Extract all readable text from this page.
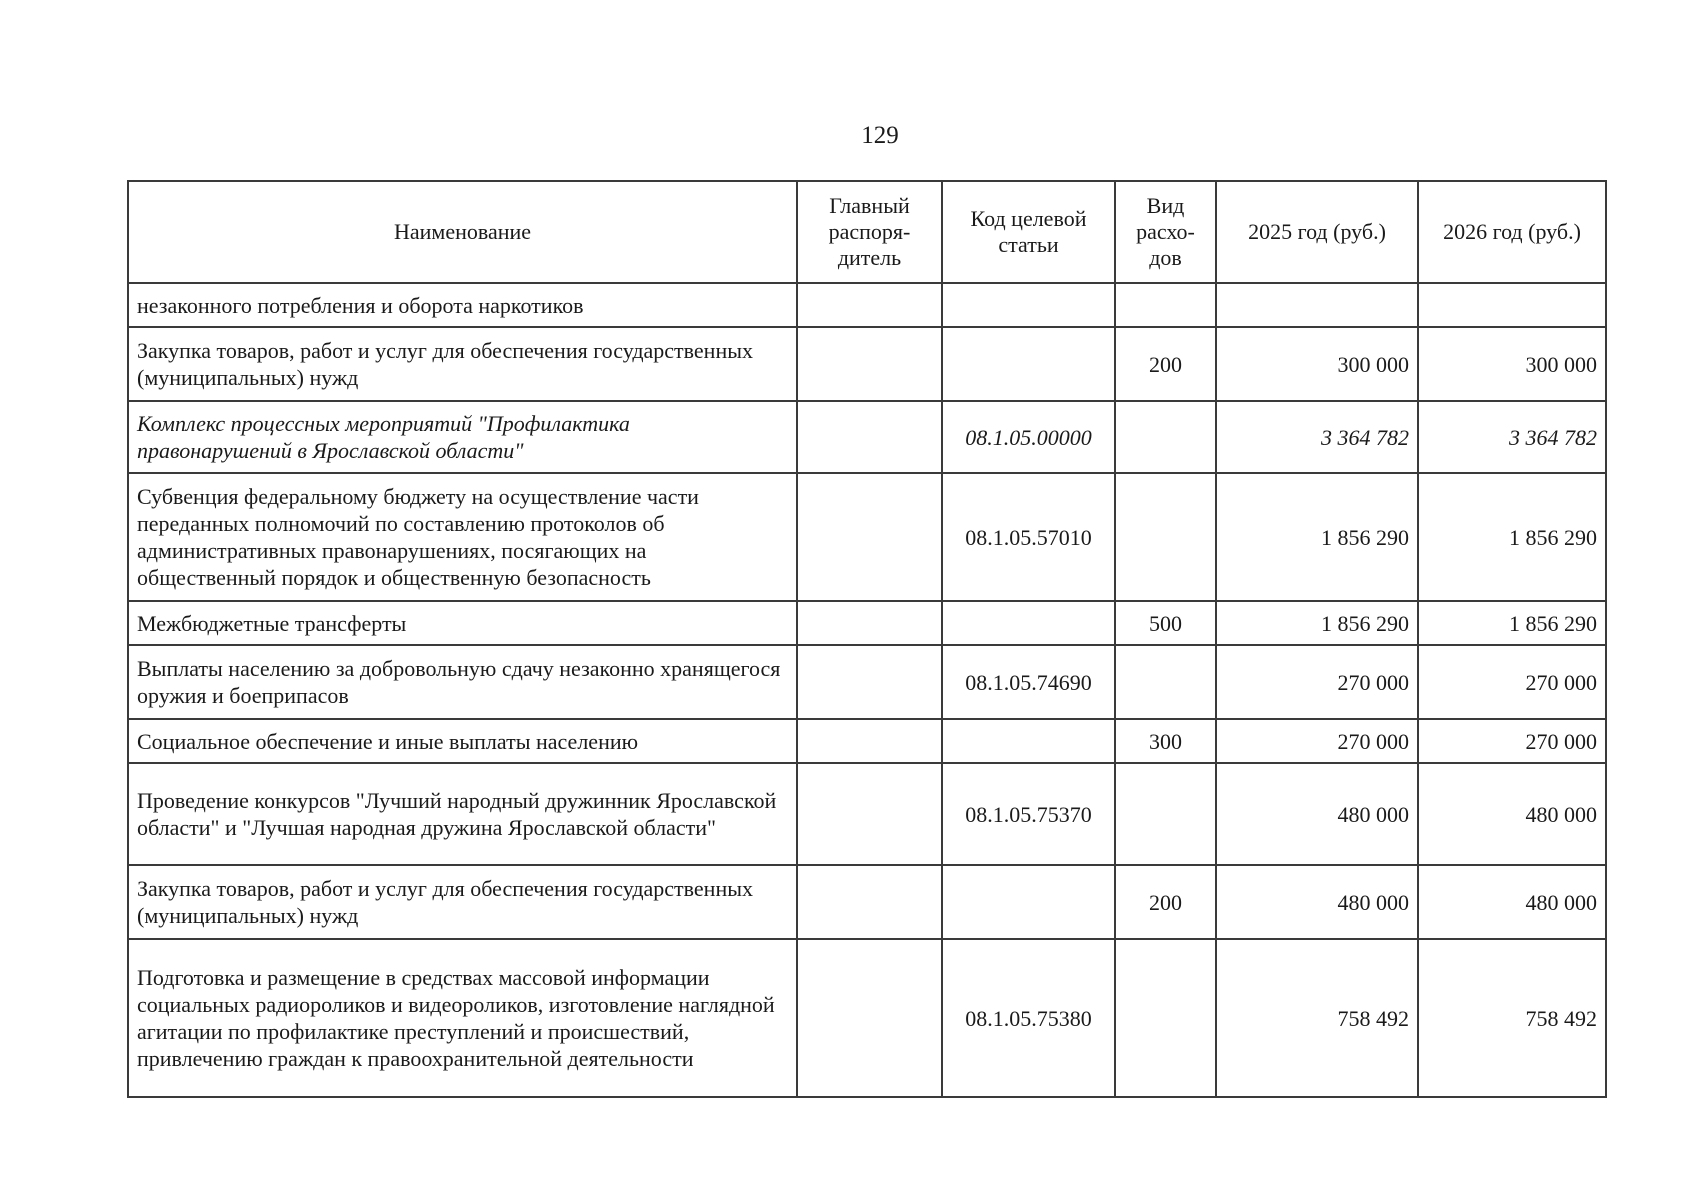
129
Наименование	Главный распоря-дитель	Код целевой статьи	Вид расхо-дов	2025 год (руб.)	2026 год (руб.)
незаконного потребления и оборота наркотиков					
Закупка товаров, работ и услуг для обеспечения государственных (муниципальных) нужд			200	300 000	300 000
Комплекс процессных мероприятий "Профилактика правонарушений в Ярославской области"		08.1.05.00000		3 364 782	3 364 782
Субвенция федеральному бюджету на осуществление части переданных полномочий по составлению протоколов об административных правонарушениях, посягающих на общественный порядок и общественную безопасность		08.1.05.57010		1 856 290	1 856 290
Межбюджетные трансферты			500	1 856 290	1 856 290
Выплаты населению за добровольную сдачу незаконно хранящегося оружия и боеприпасов		08.1.05.74690		270 000	270 000
Социальное обеспечение и иные выплаты населению			300	270 000	270 000
Проведение конкурсов "Лучший народный дружинник Ярославской области" и "Лучшая народная дружина Ярославской области"		08.1.05.75370		480 000	480 000
Закупка товаров, работ и услуг для обеспечения государственных (муниципальных) нужд			200	480 000	480 000
Подготовка и размещение в средствах массовой информации социальных радиороликов и видеороликов, изготовление наглядной агитации по профилактике преступлений и происшествий, привлечению граждан к правоохранительной деятельности		08.1.05.75380		758 492	758 492
